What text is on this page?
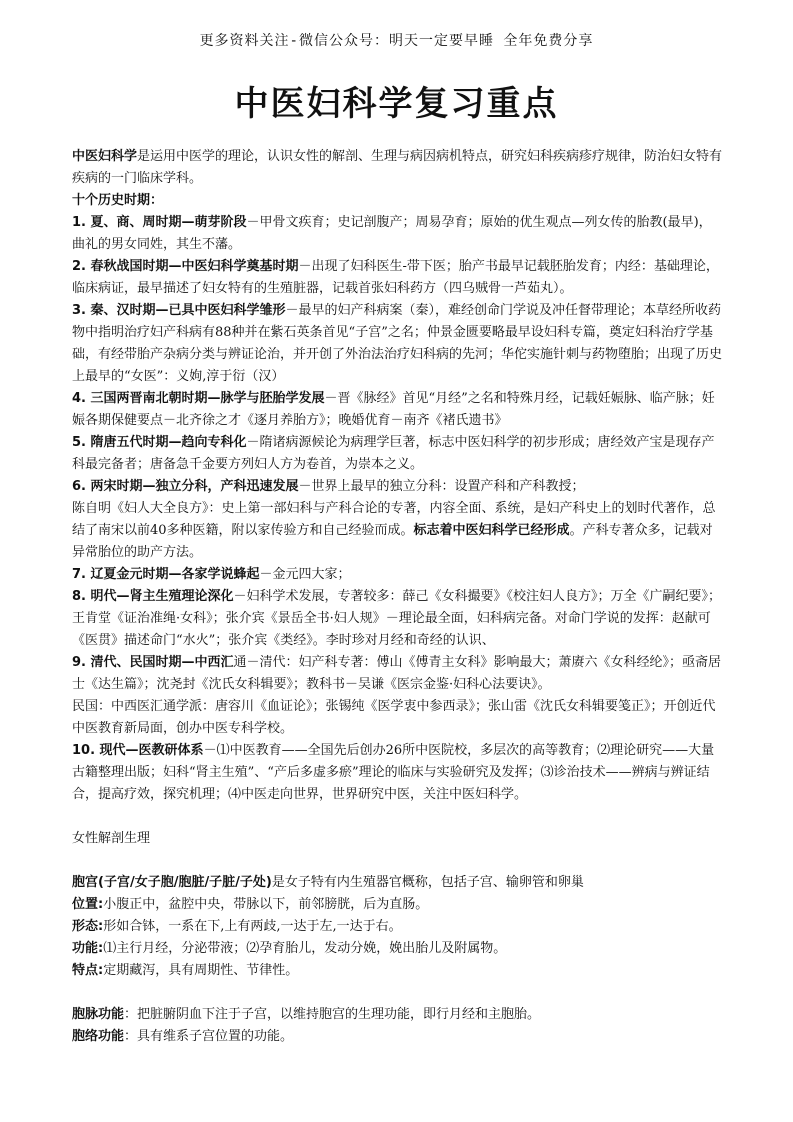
更多资料关注-微信公众号：明天一定要早睡 全年免费分享
中医妇科学复习重点

中医妇科学是运用中医学的理论，认识女性的解剖、生理与病因病机特点，研究妇科疾病疹疗规律，防治妇女特有疾病的一门临床学科。

十个历史时期：

1. 夏、商、周时期—萌芽阶段－甲骨文疾育；史记剖腹产；周易孕育；原始的优生观点—列女传的胎教(最早)，曲礼的男女同姓，其生不藩。

2. 春秋战国时期—中医妇科学奠基时期－出现了妇科医生-带下医；胎产书最早记载胚胎发育；内经：基础理论，临床病证，最早描述了妇女特有的生殖脏器，记载首张妇科药方（四乌贼骨一芦茹丸）。

3. 秦、汉时期—已具中医妇科学雏形－最早的妇产科病案（秦），难经创命门学说及冲任督带理论；本草经所收药物中指明治疗妇产科病有88种并在紫石英条首见“子宫”之名；仲景金匮要略最早设妇科专篇，奠定妇科治疗学基础，有经带胎产杂病分类与辨证论治，并开创了外治法治疗妇科病的先河；华佗实施针刺与药物堕胎；出现了历史上最早的“女医”：义姁,淳于衍（汉）

4. 三国两晋南北朝时期—脉学与胚胎学发展－晋《脉经》首见“月经”之名和特殊月经，记载妊娠脉、临产脉；妊娠各期保健要点－北齐徐之才《逐月养胎方》；晚婚优育－南齐《褚氏遗书》

5. 隋唐五代时期—趋向专科化－隋诸病源候论为病理学巨著，标志中医妇科学的初步形成；唐经效产宝是现存产科最完备者；唐备急千金要方列妇人方为卷首，为崇本之义。

6. 两宋时期—独立分科，产科迅速发展－世界上最早的独立分科：设置产科和产科教授；

陈自明《妇人大全良方》：史上第一部妇科与产科合论的专著，内容全面、系统，是妇产科史上的划时代著作，总结了南宋以前40多种医籍，附以家传验方和自己经验而成。标志着中医妇科学已经形成。产科专著众多，记载对异常胎位的助产方法。

7. 辽夏金元时期—各家学说蜂起－金元四大家；

8. 明代—肾主生殖理论深化－妇科学术发展，专著较多：薛己《女科撮要》《校注妇人良方》；万全《广嗣纪要》；王肯堂《证治准绳·女科》；张介宾《景岳全书·妇人规》－理论最全面，妇科病完备。对命门学说的发挥：赵献可《医贯》描述命门“水火”；张介宾《类经》。李时珍对月经和奇经的认识、

9. 清代、民国时期—中西汇通－清代：妇产科专著：傅山《傅青主女科》影响最大；萧赓六《女科经纶》；亟斋居士《达生篇》；沈尧封《沈氏女科辑要》；教科书－吴谦《医宗金鉴·妇科心法要诀》。

民国：中西医汇通学派：唐容川《血证论》；张锡纯《医学衷中参西录》；张山雷《沈氏女科辑要笺正》；开创近代中医教育新局面，创办中医专科学校。

10. 现代—医教研体系－⑴中医教育——全国先后创办26所中医院校，多层次的高等教育；⑵理论研究——大量古籍整理出版；妇科“肾主生殖”、“产后多虚多瘀”理论的临床与实验研究及发挥；⑶诊治技术——辨病与辨证结合，提高疗效，探究机理；⑷中医走向世界，世界研究中医，关注中医妇科学。

女性解剖生理

胞宫(子宫/女子胞/胞脏/子脏/子处)是女子特有内生殖器官概称，包括子宫、输卵管和卵巢

位置:小腹正中，盆腔中央，带脉以下，前邻膀胱，后为直肠。

形态:形如合钵，一系在下,上有两歧,一达于左,一达于右。

功能:⑴主行月经，分泌带液；⑵孕育胎儿，发动分娩，娩出胎儿及附属物。

特点:定期藏泻，具有周期性、节律性。

胞脉功能：把脏腑阴血下注于子宫，以维持胞宫的生理功能，即行月经和主胞胎。

胞络功能：具有维系子宫位置的功能。
